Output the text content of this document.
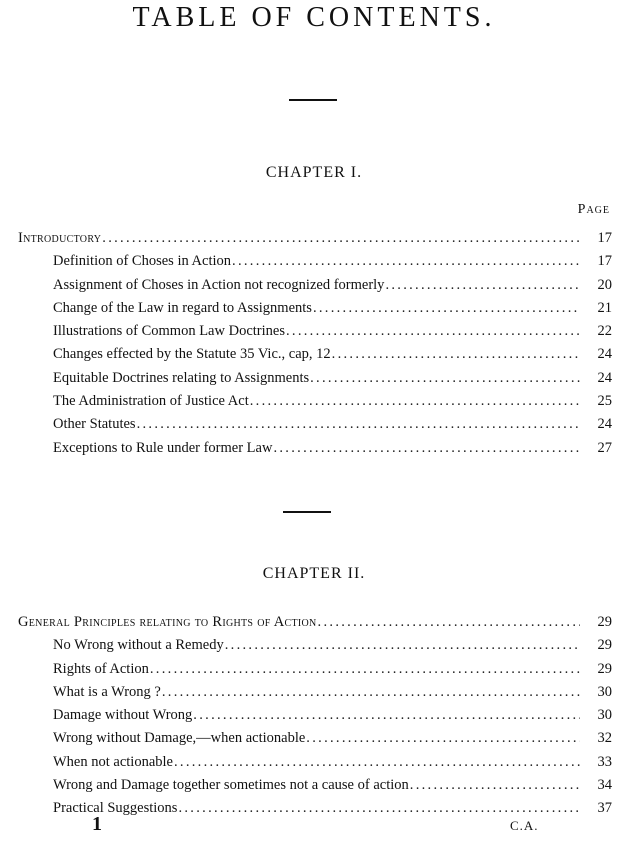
TABLE OF CONTENTS.
CHAPTER I.
Page
Introductory .....	17
Definition of Choses in Action .....	17
Assignment of Choses in Action not recognized formerly .....	20
Change of the Law in regard to Assignments .....	21
Illustrations of Common Law Doctrines .....	22
Changes effected by the Statute 35 Vic., cap, 12 .....	24
Equitable Doctrines relating to Assignments .....	24
The Administration of Justice Act .....	25
Other Statutes .....	24
Exceptions to Rule under former Law .....	27
CHAPTER II.
General Principles relating to Rights of Action .....	29
No Wrong without a Remedy .....	29
Rights of Action .....	29
What is a Wrong ? .....	30
Damage without Wrong .....	30
Wrong without Damage,—when actionable .....	32
When not actionable .....	33
Wrong and Damage together sometimes not a cause of action .....	34
Practical Suggestions .....	37
1	C.A.
